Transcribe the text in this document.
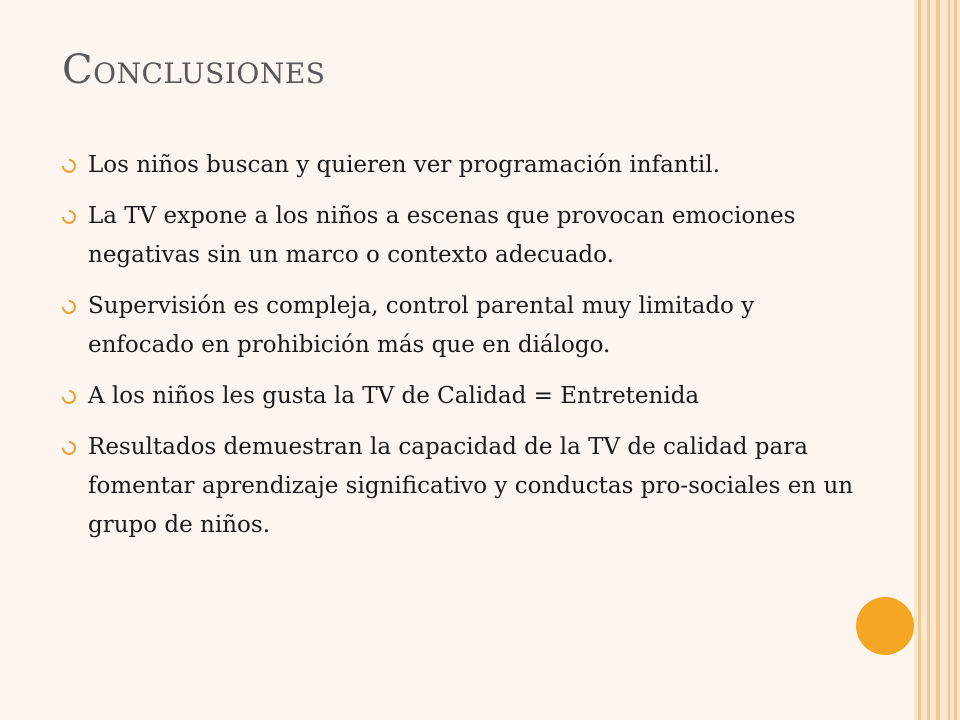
Conclusiones
Los niños buscan y quieren ver programación infantil.
La TV expone a los niños a escenas que provocan emociones negativas sin un marco o contexto adecuado.
Supervisión es compleja, control parental muy limitado y enfocado en prohibición más que en diálogo.
A los niños les gusta la TV de Calidad = Entretenida
Resultados demuestran la capacidad de la TV de calidad para fomentar aprendizaje significativo y conductas pro-sociales en un grupo de niños.
